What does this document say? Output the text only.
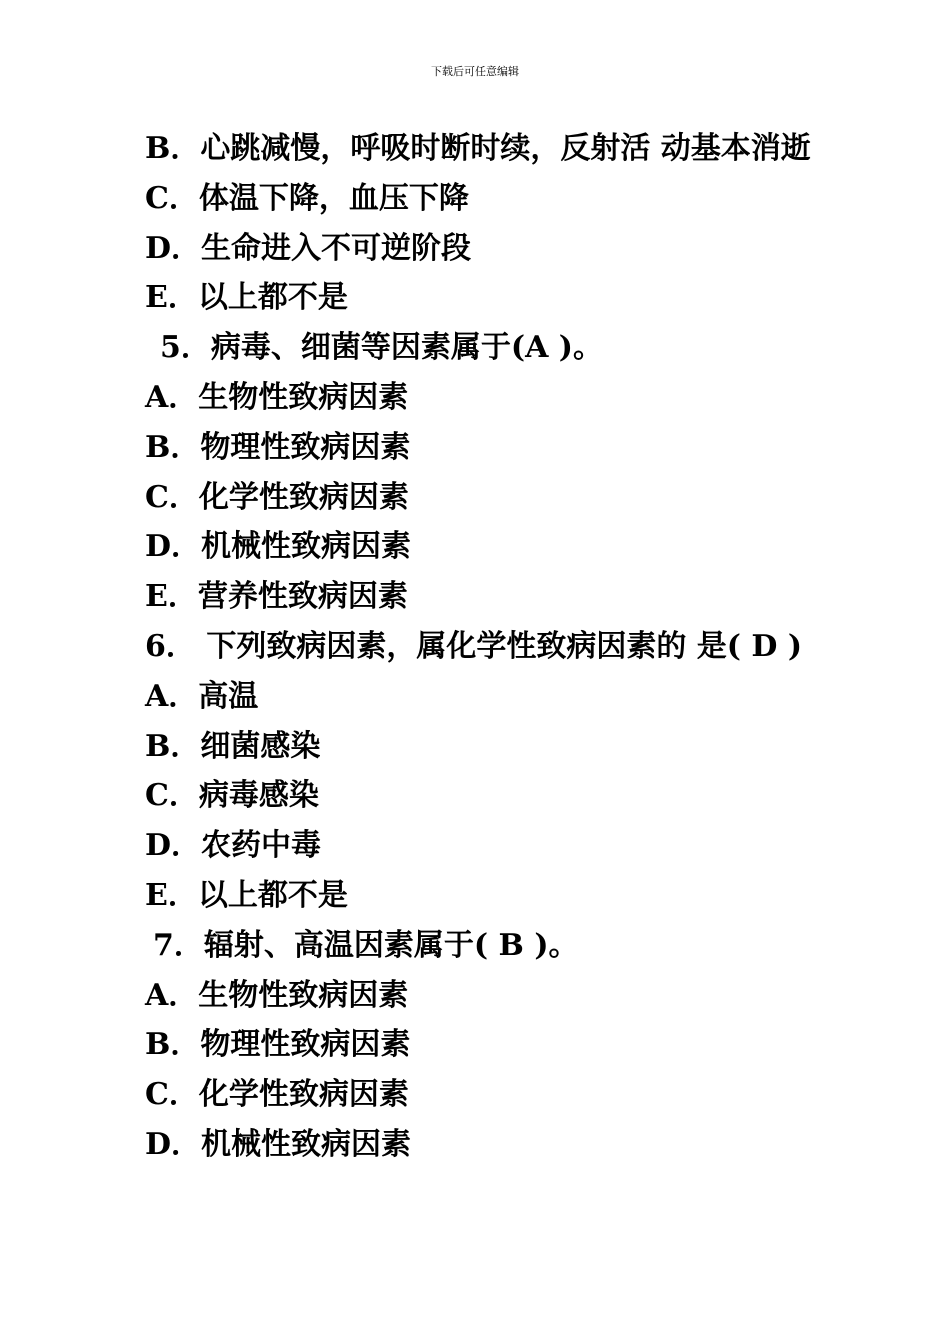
下载后可任意编辑
B．心跳减慢，呼吸时断时续，反射活 动基本消逝
C．体温下降，血压下降
D．生命进入不可逆阶段
E．以上都不是
5．病毒、细菌等因素属于(A )。
A．生物性致病因素
B．物理性致病因素
C．化学性致病因素
D．机械性致病因素
E．营养性致病因素
6． 下列致病因素，属化学性致病因素的 是( D )
A．高温
B．细菌感染
C．病毒感染
D．农药中毒
E．以上都不是
7．辐射、高温因素属于( B )。
A．生物性致病因素
B．物理性致病因素
C．化学性致病因素
D．机械性致病因素
